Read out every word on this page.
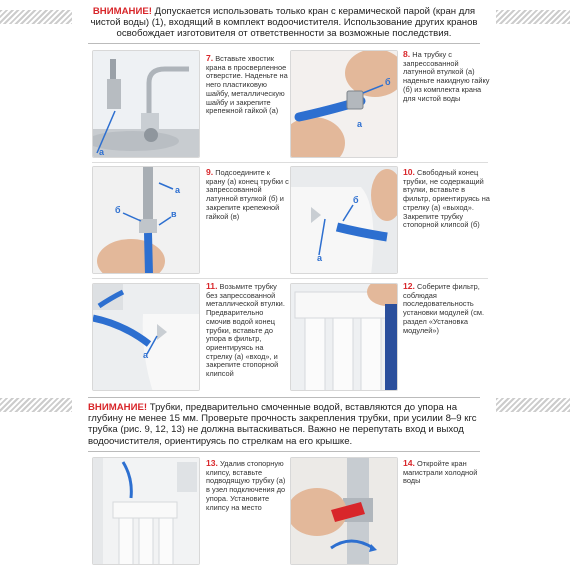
ВНИМАНИЕ! Допускается использовать только кран с керамической парой (кран для чистой воды) (1), входящий в комплект водоочистителя. Использование других кранов освобождает изготовителя от ответственности за возможные последствия.
а
7. Вставьте хвостик крана в просверленное отверстие. Наденьте на него пластиковую шайбу, металлическую шайбу и закрепите крепежной гайкой (а)
б
а
8. На трубку с запрессованной латунной втулкой (а) наденьте накидную гайку (б) из комплекта крана для чистой воды
а
б	в
9. Подсоедините к крану (а) конец трубки с запрессованной латунной втулкой (б) и закрепите крепежной гайкой (в)
а
б
10. Свободный конец трубки, не содержащий втулки, вставьте в фильтр, ориентируясь на стрелку (а) «выход». Закрепите трубку стопорной клипсой (б)
а
11. Возьмите трубку без запрессованной металлической втулки. Предварительно смочив водой конец трубки, вставьте до упора в фильтр, ориентируясь на стрелку (а) «вход», и закрепите стопорной клипсой
12. Соберите фильтр, соблюдая последовательность установки модулей (см. раздел «Установка модулей»)
ВНИМАНИЕ! Трубки, предварительно смоченные водой, вставляются до упора на глубину не менее 15 мм. Проверьте прочность закрепления трубки, при усилии 8–9 кгс трубка (рис. 9, 12, 13) не должна вытаскиваться. Важно не перепутать вход и выход водоочистителя, ориентируясь по стрелкам на его крышке.
13. Удалив стопорную клипсу, вставьте подводящую трубку (а) в узел подключения до упора. Установите клипсу на место
14. Откройте кран магистрали холодной воды
